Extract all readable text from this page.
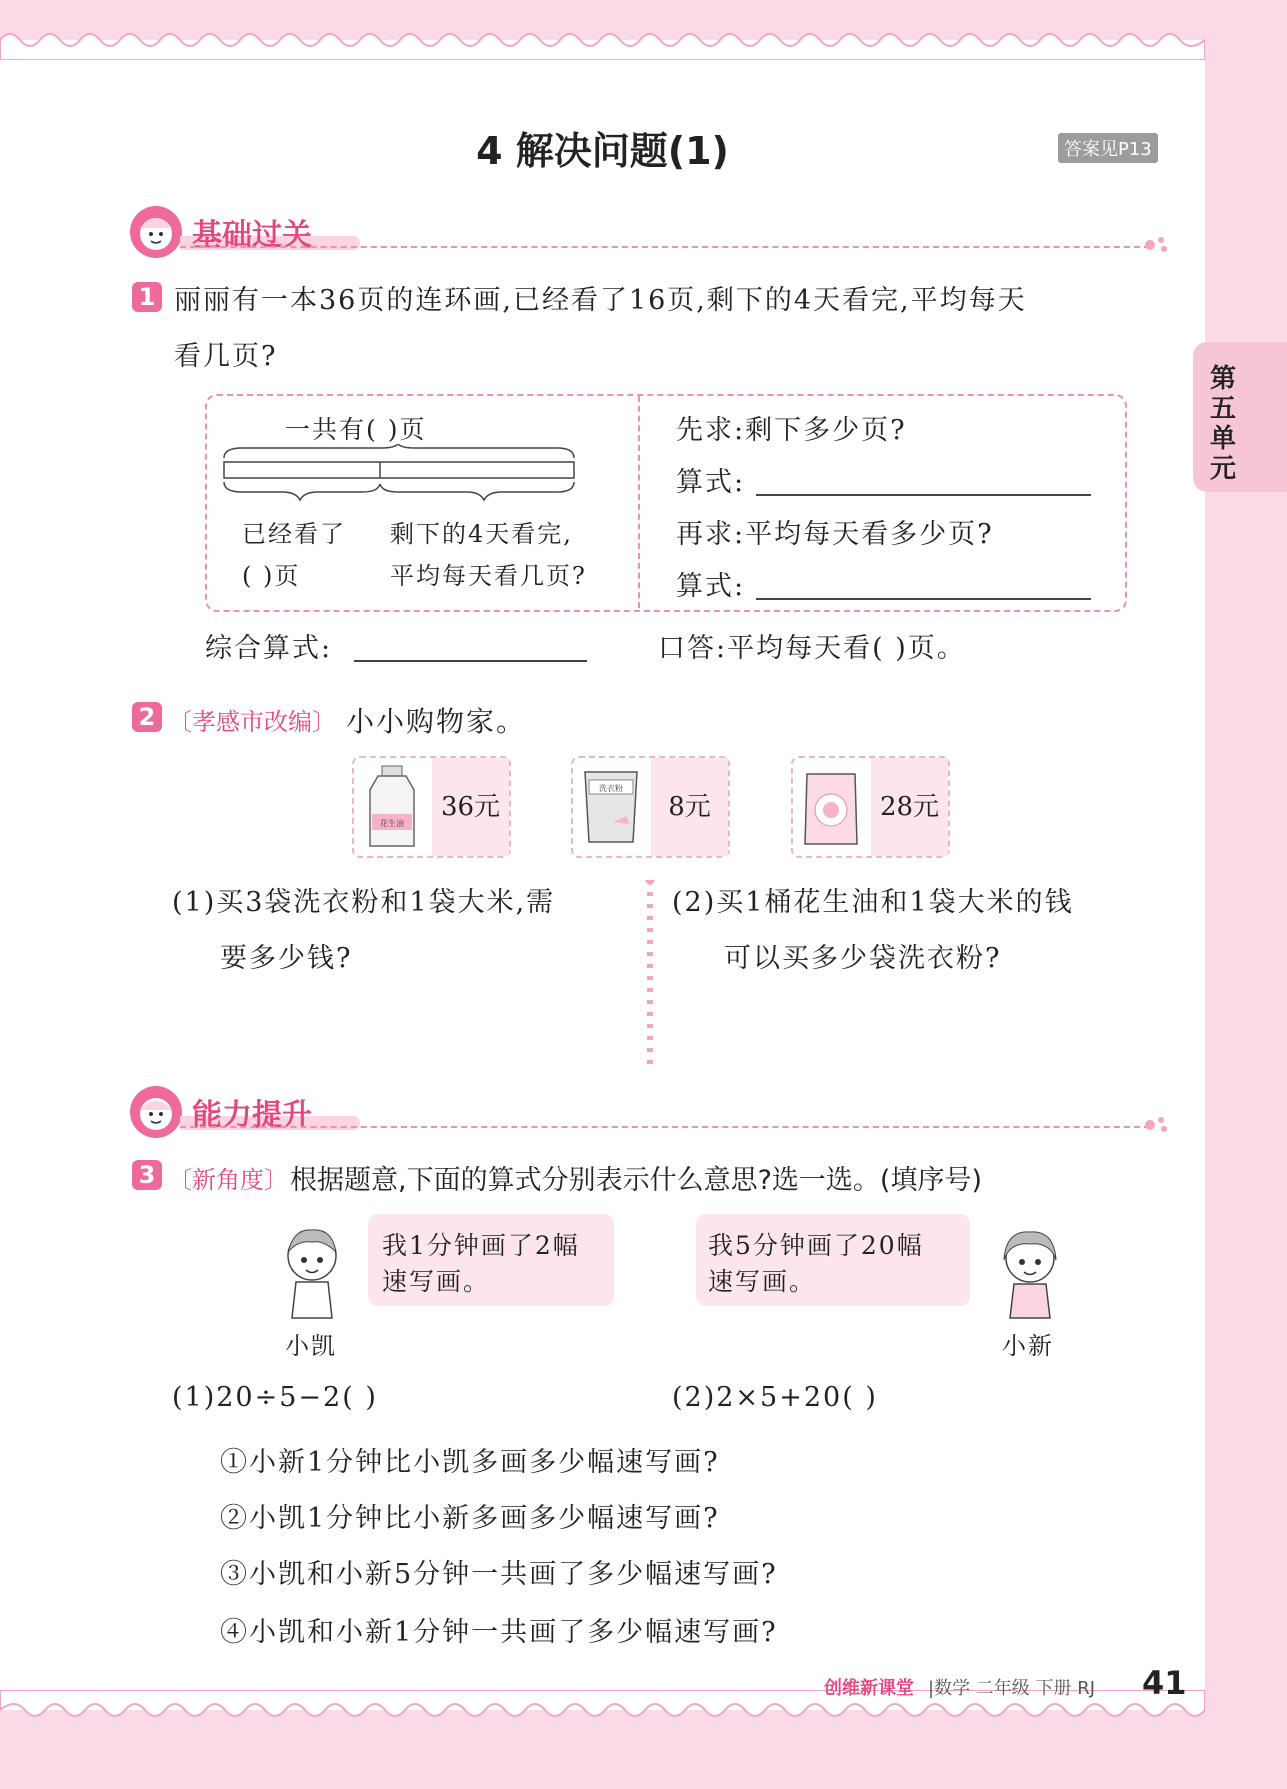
4 解决问题(1)	答案见P13
第五单元
基础过关
1 丽丽有一本36页的连环画,已经看了16页,剩下的4天看完,平均每天
看几页?
一共有( )页
已经看了
( )页
剩下的4天看完,
平均每天看几页?
先求:剩下多少页?
算式:
再求:平均每天看多少页?
算式:
综合算式:	口答:平均每天看( )页。
2 〔孝感市改编〕 小小购物家。
花生油
36元
洗衣粉
8元	28元
(1)买3袋洗衣粉和1袋大米,需
要多少钱?
(2)买1桶花生油和1袋大米的钱
可以买多少袋洗衣粉?
能力提升
3 〔新角度〕 根据题意,下面的算式分别表示什么意思?选一选。(填序号)
我1分钟画了2幅
速写画。
小凯
我5分钟画了20幅
速写画。
小新
(1)20÷5−2( )	(2)2×5+20( )
①小新1分钟比小凯多画多少幅速写画?
②小凯1分钟比小新多画多少幅速写画?
③小凯和小新5分钟一共画了多少幅速写画?
④小凯和小新1分钟一共画了多少幅速写画?
创维新课堂 |数学 二年级 下册 RJ 41
